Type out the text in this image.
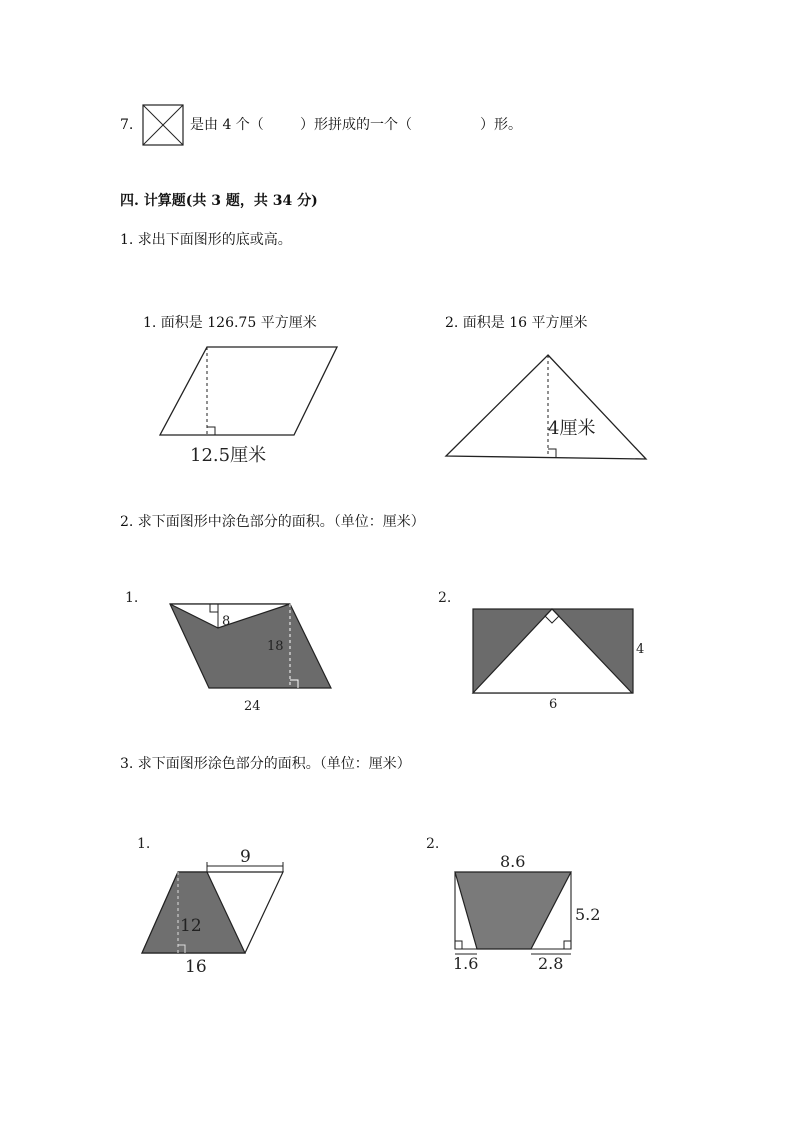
7.	是由 4 个（	）形拼成的一个（	）形。
四. 计算题(共 3 题，共 34 分)
1. 求出下面图形的底或高。
1. 面积是 126.75 平方厘米	2. 面积是 16 平方厘米
12.5厘米
4厘米
2. 求下面图形中涂色部分的面积。（单位：厘米）
1.
8
18
24
2.
4
6
3. 求下面图形涂色部分的面积。（单位：厘米）
1.
9
12
16
2.
8.6
5.2
1.6	2.8
